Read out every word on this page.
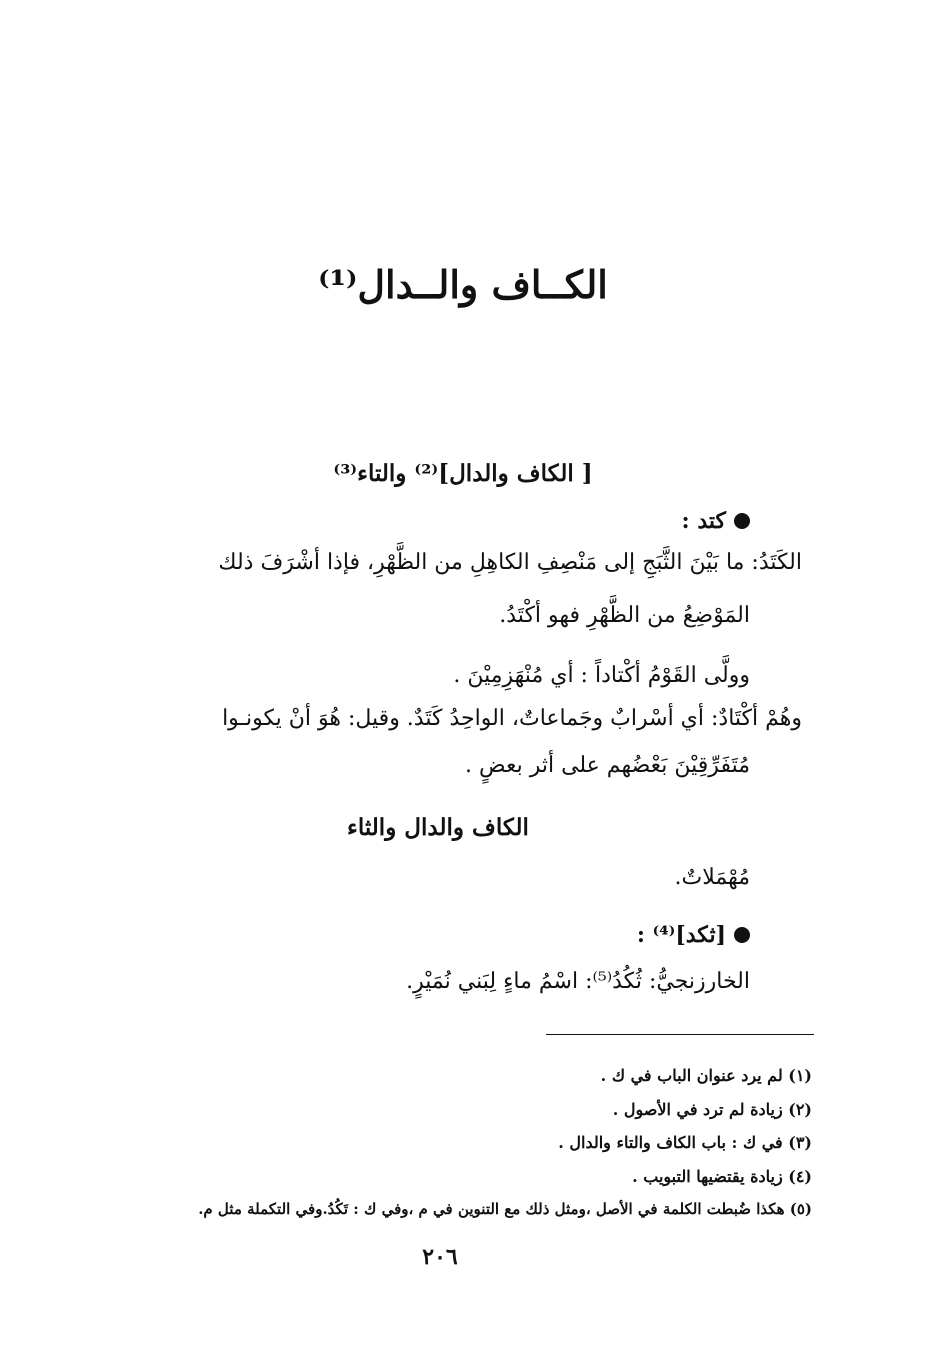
الكــاف والــدال⁽¹⁾
[ الكاف والدال]⁽²⁾ والتاء⁽³⁾
كتد :
الكَتَدُ: ما بَيْنَ الثَّبَجِ إلى مَنْصِفِ الكاهِلِ من الظَّهْرِ، فإذا أشْرَفَ ذلك
المَوْضِعُ من الظَّهْرِ فهو أكْتَدُ.
وولَّى القَوْمُ أكْتاداً : أي مُنْهَزِمِيْنَ .
وهُمْ أكْتَادٌ: أي أسْرابٌ وجَماعاتٌ، الواحِدُ كَتَدٌ. وقيل: هُوَ أنْ يكونـوا
مُتَفَرِّقِيْنَ بَعْضُهم على أثر بعضٍ .
الكاف والدال والثاء
مُهْمَلاتٌ.
[ثكد]⁽⁴⁾ :
الخارزنجيُّ: ثُكُدُ⁽⁵⁾: اسْمُ ماءٍ لِبَني نُمَيْرٍ.
(١) لم يرد عنوان الباب في ك .
(٢) زيادة لم ترد في الأصول .
(٣) في ك : باب الكاف والتاء والدال .
(٤) زيادة يقتضيها التبويب .
(٥) هكذا ضُبطت الكلمة في الأصل ،ومثل ذلك مع التنوين في م ،وفي ك : تَكُدُ.وفي التكملة مثل م.
٢٠٦
